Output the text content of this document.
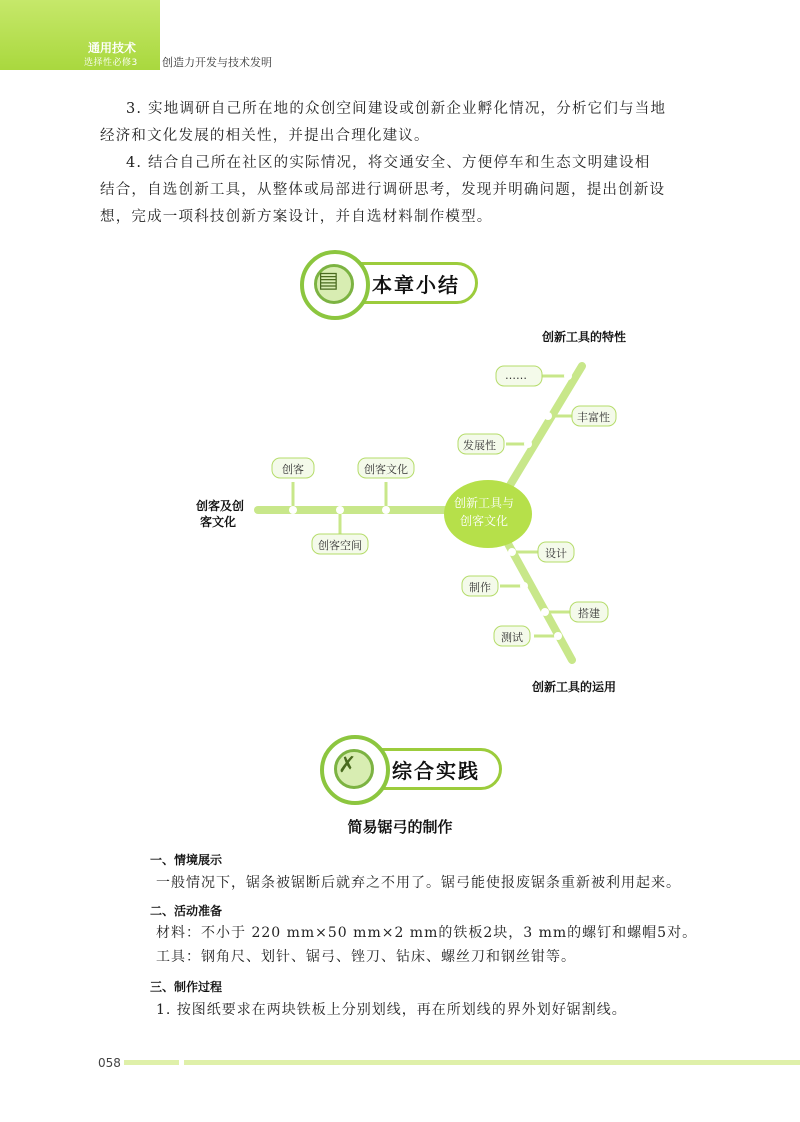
通用技术
选择性必修3 创造力开发与技术发明
3. 实地调研自己所在地的众创空间建设或创新企业孵化情况，分析它们与当地
经济和文化发展的相关性，并提出合理化建议。
4. 结合自己所在社区的实际情况，将交通安全、方便停车和生态文明建设相
结合，自选创新工具，从整体或局部进行调研思考，发现并明确问题，提出创新设
想，完成一项科技创新方案设计，并自选材料制作模型。
▤ 本章小结
创新工具与
创客文化
创客及创
客文化
创客	创客文化
创客空间
创新工具的特性
……
丰富性
发展性
设计
制作
搭建
测试
创新工具的运用
✗ 综合实践
简易锯弓的制作
一、情境展示
一般情况下，锯条被锯断后就弃之不用了。锯弓能使报废锯条重新被利用起来。
二、活动准备
材料：不小于 220 mm×50 mm×2 mm的铁板2块，3 mm的螺钉和螺帽5对。
工具：钢角尺、划针、锯弓、锉刀、钻床、螺丝刀和钢丝钳等。
三、制作过程
1. 按图纸要求在两块铁板上分别划线，再在所划线的界外划好锯割线。
058
